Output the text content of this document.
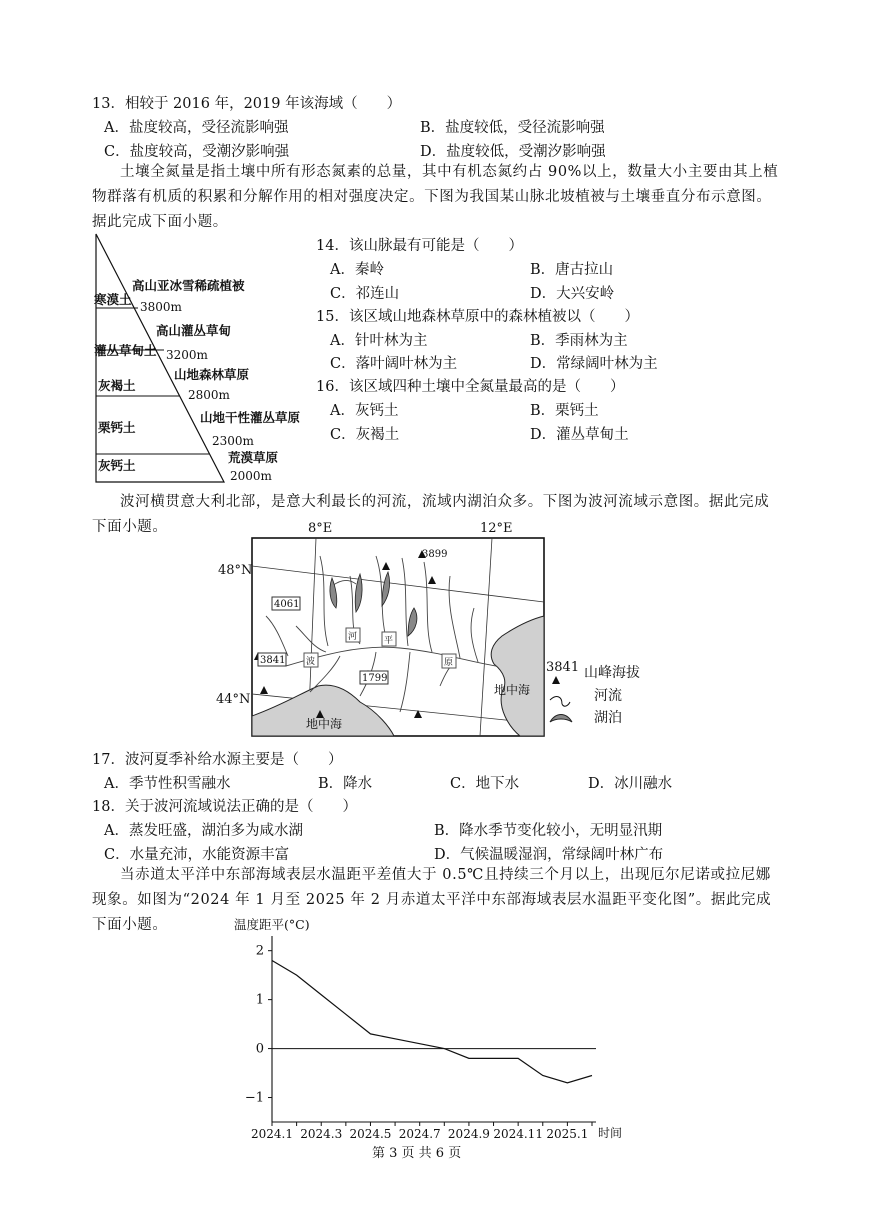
13．相较于 2016 年，2019 年该海域（　　）
A．盐度较高，受径流影响强	B．盐度较低，受径流影响强
C．盐度较高，受潮汐影响强	D．盐度较低，受潮汐影响强
土壤全氮量是指土壤中所有形态氮素的总量，其中有机态氮约占 90%以上，数量大小主要由其上植物群落有机质的积累和分解作用的相对强度决定。下图为我国某山脉北坡植被与土壤垂直分布示意图。据此完成下面小题。
寒漠土
灌丛草甸土
灰褐土
栗钙土
灰钙土
高山亚冰雪稀疏植被
高山灌丛草甸
山地森林草原
山地干性灌丛草原
荒漠草原
3800m
3200m
2800m
2300m
2000m
14．该山脉最有可能是（　　）
A．秦岭	B．唐古拉山
C．祁连山	D．大兴安岭
15．该区域山地森林草原中的森林植被以（　　）
A．针叶林为主	B．季雨林为主
C．落叶阔叶林为主	D．常绿阔叶林为主
16．该区域四种土壤中全氮量最高的是（　　）
A．灰钙土	B．栗钙土
C．灰褐土	D．灌丛草甸土
波河横贯意大利北部，是意大利最长的河流，流域内湖泊众多。下图为波河流域示意图。据此完成下面小题。	8°E	12°E
48°N
44°N
波
河	平
原
3899
4061
3841
1799
地中海
地中海
3841 山峰海拔
河流
湖泊
17．波河夏季补给水源主要是（　　）
A．季节性积雪融水	B．降水	C．地下水	D．冰川融水
18．关于波河流域说法正确的是（　　）
A．蒸发旺盛，湖泊多为咸水湖	B．降水季节变化较小，无明显汛期
C．水量充沛，水能资源丰富	D．气候温暖湿润，常绿阔叶林广布
当赤道太平洋中东部海域表层水温距平差值大于 0.5℃且持续三个月以上，出现厄尔尼诺或拉尼娜现象。如图为“2024 年 1 月至 2025 年 2 月赤道太平洋中东部海域表层水温距平变化图”。据此完成下面小题。	温度距平(°C)
2
1
0
−1
2024.1 2024.3 2024.5 2024.7 2024.9 2024.11 2025.1 时间
第 3 页 共 6 页
